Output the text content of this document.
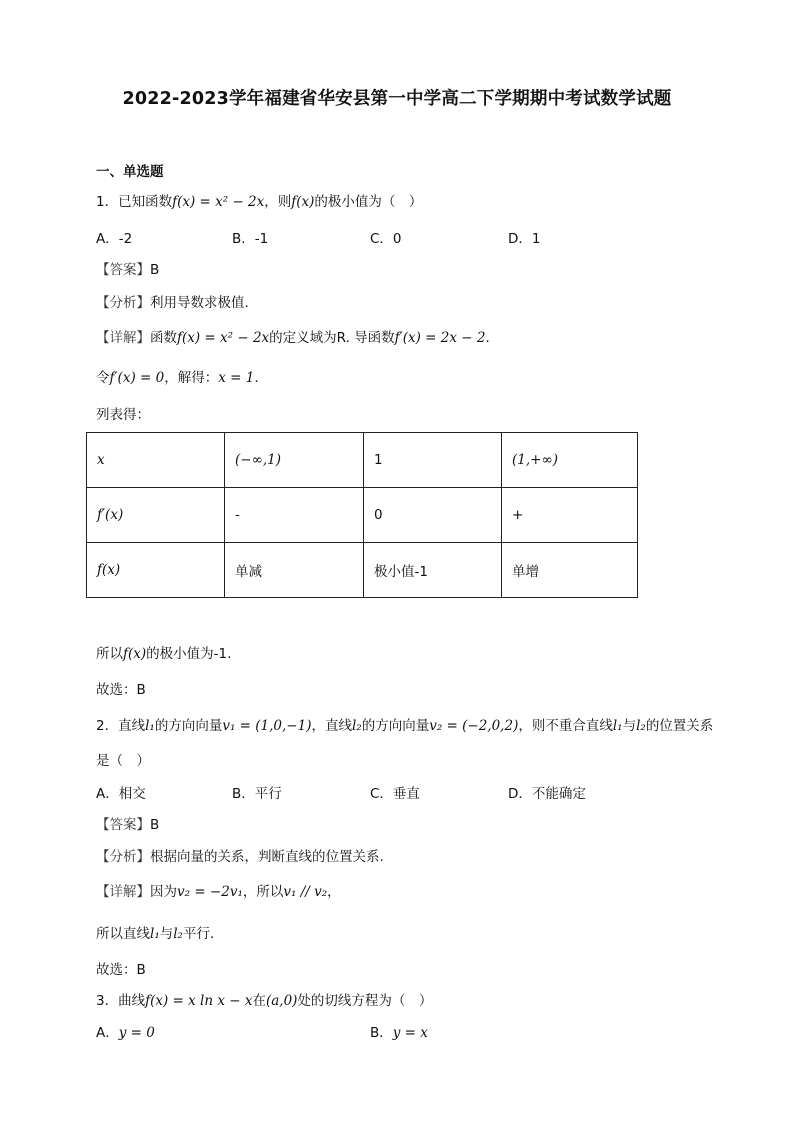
2022-2023学年福建省华安县第一中学高二下学期期中考试数学试题
一、单选题
1．已知函数f(x) = x² − 2x，则f(x)的极小值为（　）
A．-2	B．-1	C．0	D．1
【答案】B
【分析】利用导数求极值.
【详解】函数f(x) = x² − 2x的定义域为R. 导函数f′(x) = 2x − 2.
令f′(x) = 0，解得：x = 1.
列表得：
x	(−∞,1)	1	(1,+∞)
f′(x)	-	0	+
f(x)	单减	极小值-1	单增
所以f(x)的极小值为-1.
故选：B
2．直线l₁的方向向量v₁ = (1,0,−1)，直线l₂的方向向量v₂ = (−2,0,2)，则不重合直线l₁与l₂的位置关系
是（　）
A．相交	B．平行	C．垂直	D．不能确定
【答案】B
【分析】根据向量的关系，判断直线的位置关系.
【详解】因为v₂ = −2v₁，所以v₁ // v₂，
所以直线l₁与l₂平行.
故选：B
3．曲线f(x) = x ln x − x在(a,0)处的切线方程为（　）
A．y = 0	B．y = x
